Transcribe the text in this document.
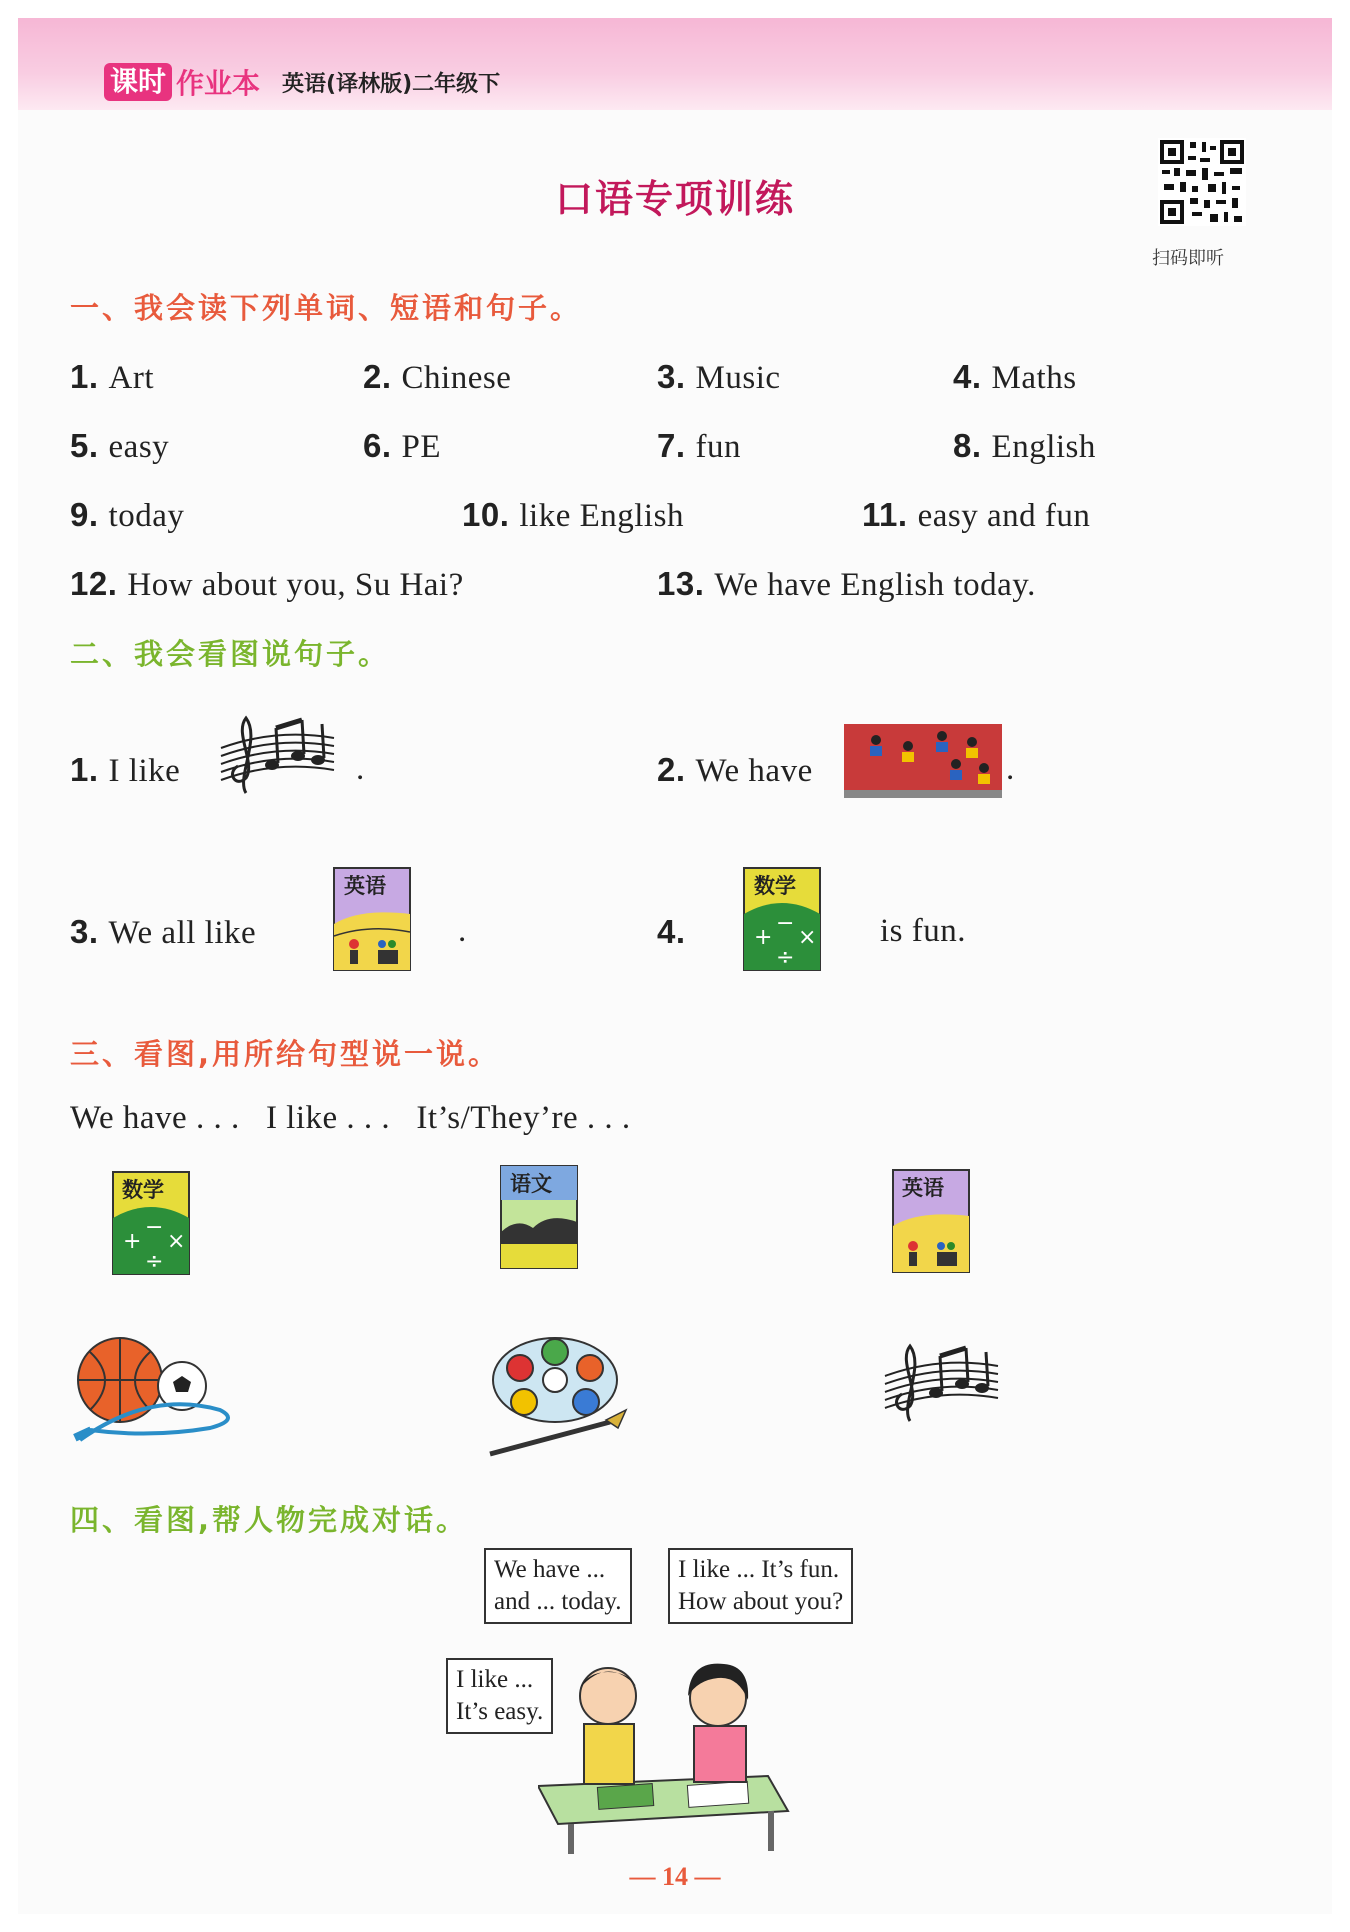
课时 作业本 英语(译林版)二年级下
口语专项训练
扫码即听
一、我会读下列单词、短语和句子。
1. Art	2. Chinese	3. Music	4. Maths
5. easy	6. PE	7. fun	8. English
9. today	10. like English	11. easy and fun
12. How about you, Su Hai?	13. We have English today.
二、我会看图说句子。
1. I like	.	2. We have	.
3. We all like
英语
.	4.	+
−
×
÷
数学
is fun.
三、看图,用所给句型说一说。
We have . . .   I like . . .   It’s/They’re . . .
+
−
×
÷
数学	语文	英语
四、看图,帮人物完成对话。
We have ...
and ... today.
I like ... It’s fun.
How about you?
I like ...
It’s easy.
— 14 —
